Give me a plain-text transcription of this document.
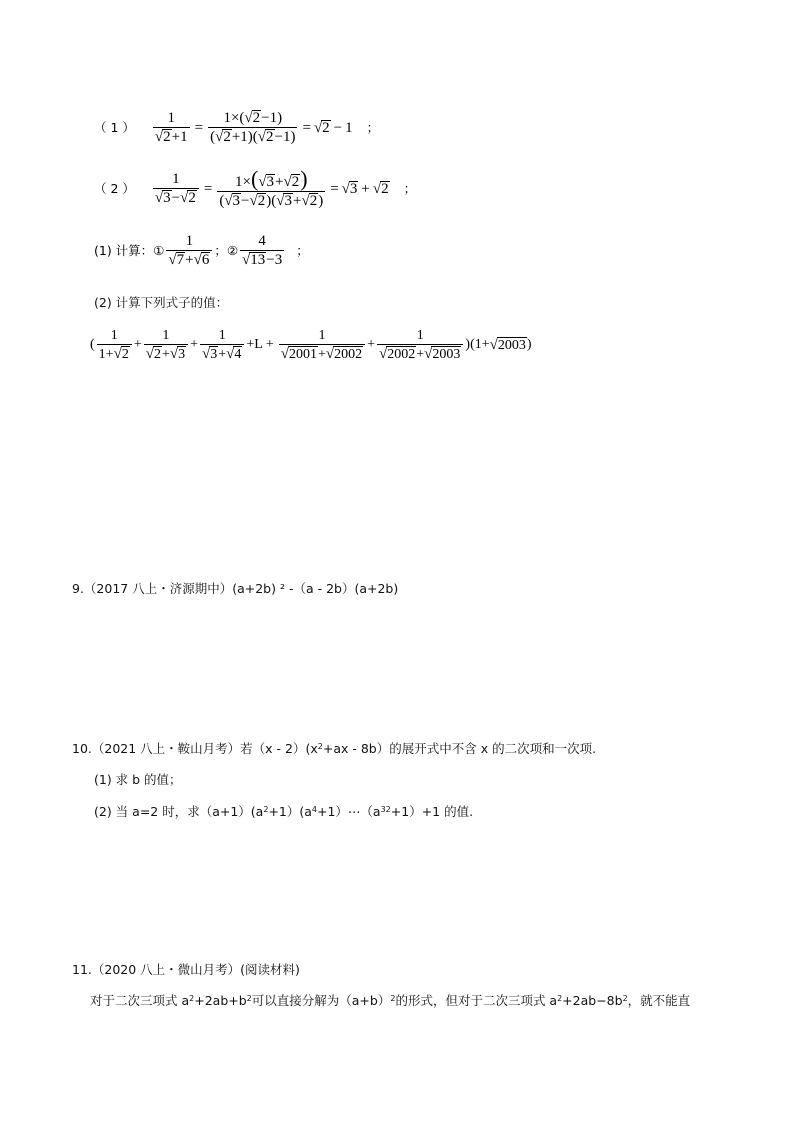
（ 1 ） $\frac{1}{√ 2 +1} = \frac{1\times( √ 2 -1)}{( √ 2 +1)( √ 2 -1)}$ = √ 2 − 1 ；
（ 2 ） $\frac{1}{√ 3 - √ 2} = \frac{1\times( √ 3 + √ 2 )}{( √ 3 - √ 2 )( √ 3 + √ 2 )}$ = √ 3 + √ 2 ；
(1) 计算：① $\frac{1}{√ 7 + √ 6}$ ；② $\frac{4}{√ 13 -3}$ ；
(2) 计算下列式子的值：
( $\frac{1}{1+ √ 2} + \frac{1}{√ 2 + √ 3} + \frac{1}{√ 3 + √ 4} + L + \frac{1}{√ 2001 + √ 2002} + \frac{1}{√ 2002 + √ 2003} )(1+$ √ 2003 )
9.（2017 八上・济源期中）(a+2b) ² -（a - 2b）(a+2b)
10.（2021 八上・鞍山月考）若$(x - 2)(x^2+ax - 8b)$的展开式中不含 x 的二次项和一次项.
(1) 求 b 的值；
(2) 当 a=2 时，求$(a+1)(a^2+1)(a^4+1)\cdots(a^{32}+1)+1$ 的值.
11.（2020 八上・微山月考）(阅读材料)
对于二次三项式 $a^2+2ab+b^2$可以直接分解为$(a+b)^2$的形式，但对于二次三项式 $a^2+2ab-8b^2$，就不能直
